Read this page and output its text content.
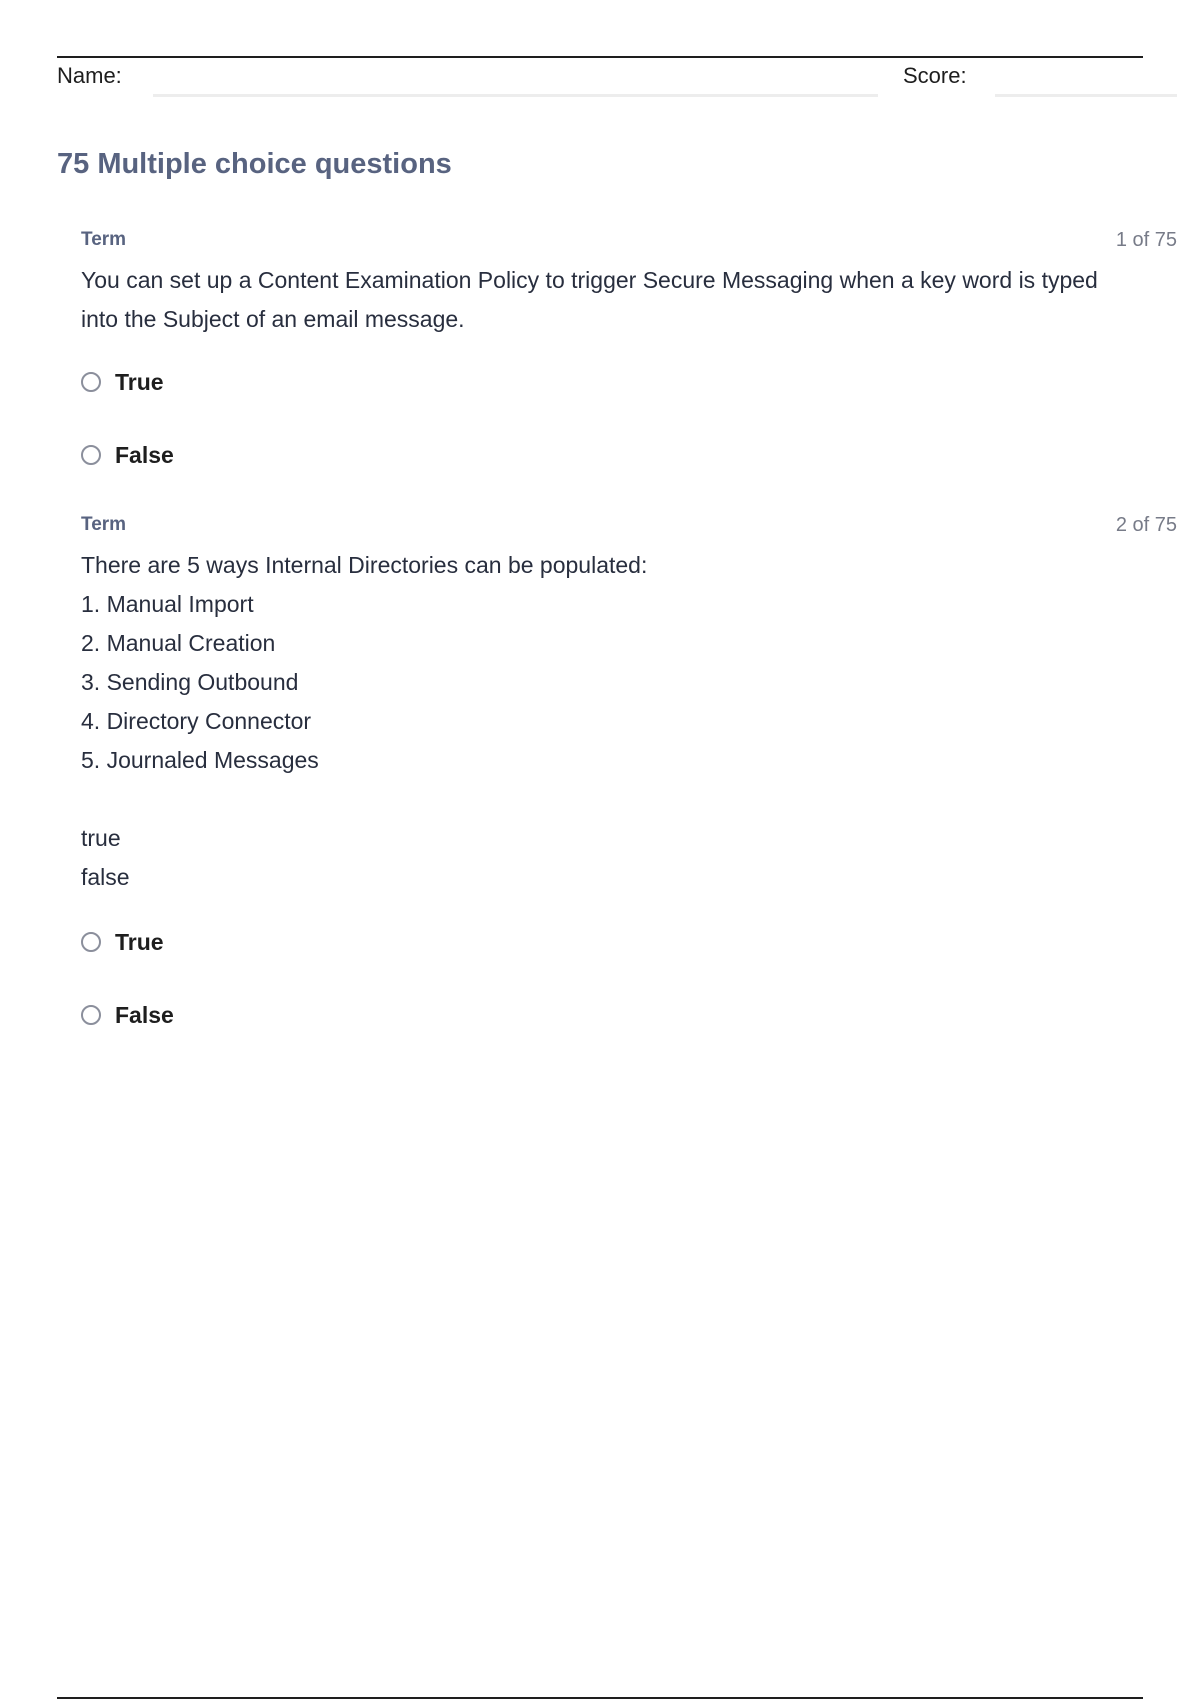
Name:	Score:
75 Multiple choice questions
Term	1 of 75

You can set up a Content Examination Policy to trigger Secure Messaging when a key word is typed into the Subject of an email message.

True
False
Term	2 of 75

There are 5 ways Internal Directories can be populated:

1. Manual Import

2. Manual Creation

3. Sending Outbound

4. Directory Connector

5. Journaled Messages

true

false

True
False
